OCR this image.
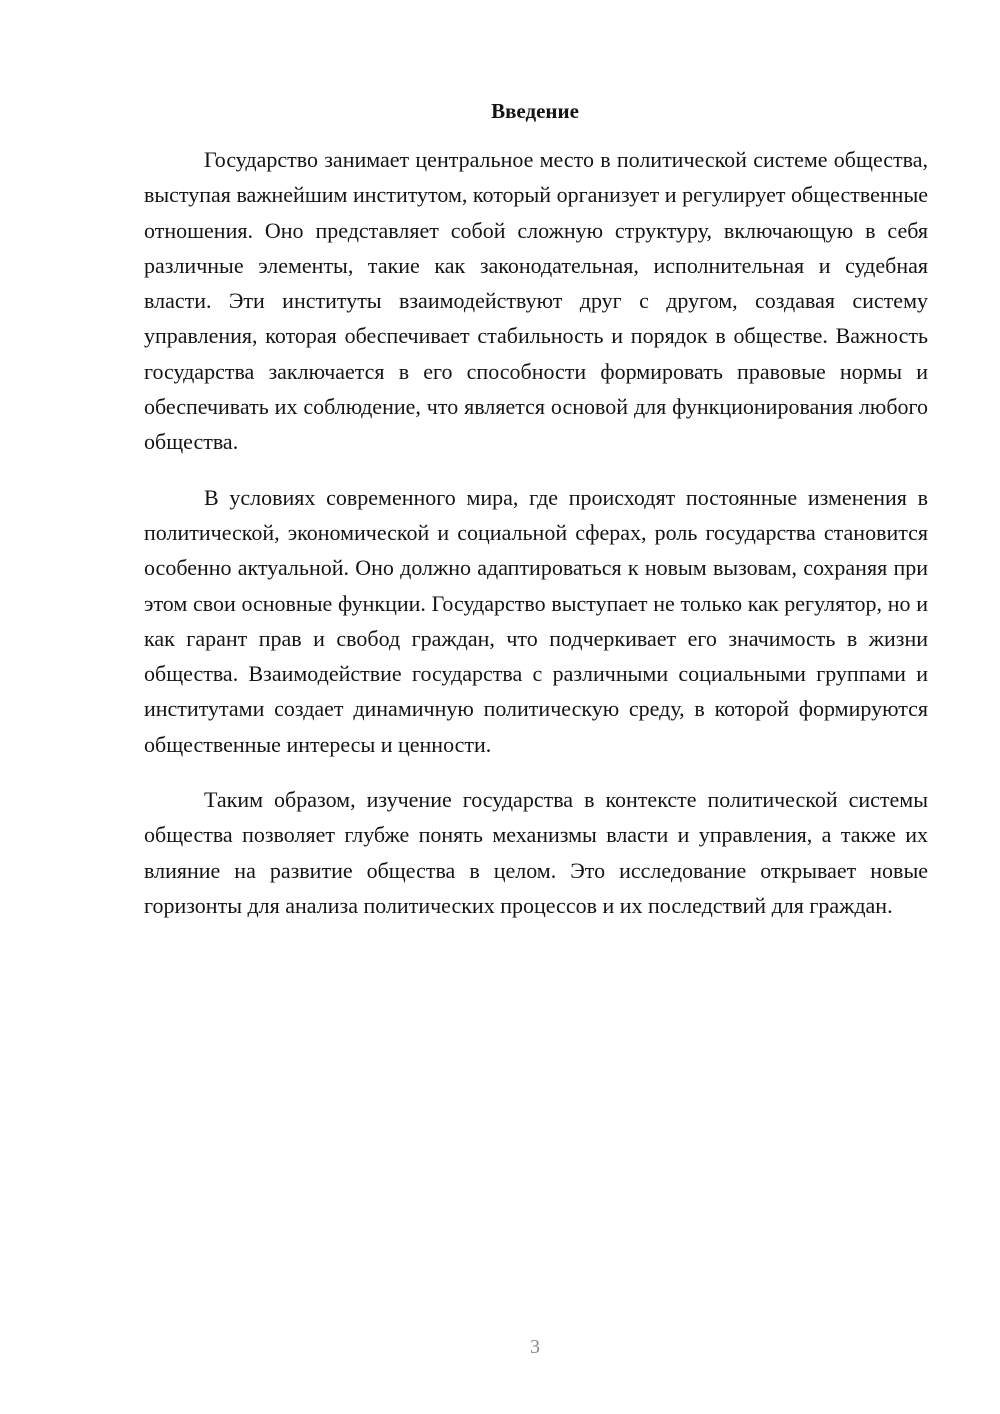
Введение

Государство занимает центральное место в политической системе общества, выступая важнейшим институтом, который организует и регулирует общественные отношения. Оно представляет собой сложную структуру, включающую в себя различные элементы, такие как законодательная, исполнительная и судебная власти. Эти институты взаимодействуют друг с другом, создавая систему управления, которая обеспечивает стабильность и порядок в обществе. Важность государства заключается в его способности формировать правовые нормы и обеспечивать их соблюдение, что является основой для функционирования любого общества.

В условиях современного мира, где происходят постоянные изменения в политической, экономической и социальной сферах, роль государства становится особенно актуальной. Оно должно адаптироваться к новым вызовам, сохраняя при этом свои основные функции. Государство выступает не только как регулятор, но и как гарант прав и свобод граждан, что подчеркивает его значимость в жизни общества. Взаимодействие государства с различными социальными группами и институтами создает динамичную политическую среду, в которой формируются общественные интересы и ценности.

Таким образом, изучение государства в контексте политической системы общества позволяет глубже понять механизмы власти и управления, а также их влияние на развитие общества в целом. Это исследование открывает новые горизонты для анализа политических процессов и их последствий для граждан.

3
